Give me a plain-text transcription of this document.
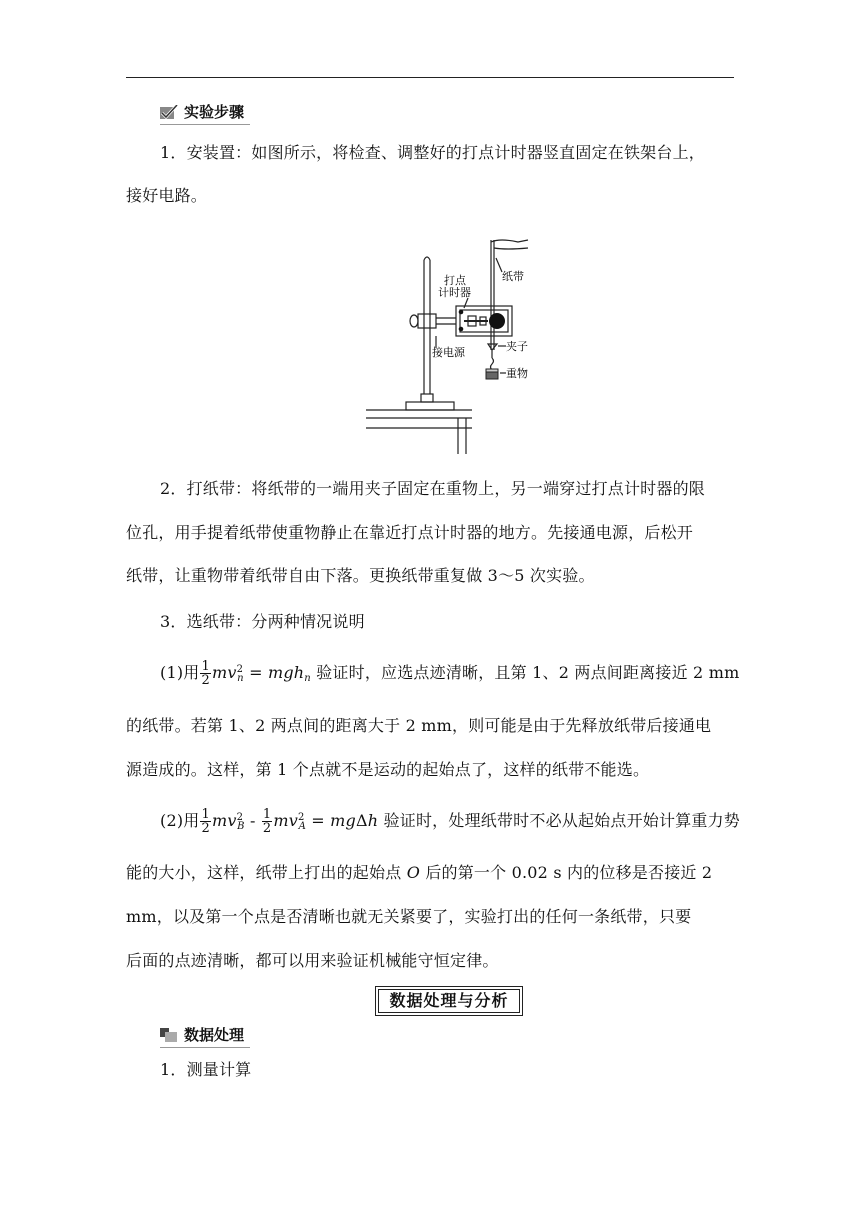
实验步骤
1．安装置：如图所示，将检查、调整好的打点计时器竖直固定在铁架台上，
接好电路。
打点
计时器
纸带
接电源	夹子
重物
2．打纸带：将纸带的一端用夹子固定在重物上，另一端穿过打点计时器的限
位孔，用手提着纸带使重物静止在靠近打点计时器的地方。先接通电源，后松开
纸带，让重物带着纸带自由下落。更换纸带重复做 3～5 次实验。
3．选纸带：分两种情况说明
(1)用 $\frac{1}{2} mv^2_n = mgh_n$ 验证时，应选点迹清晰，且第 1、2 两点间距离接近 2 mm
的纸带。若第 1、2 两点间的距离大于 2 mm，则可能是由于先释放纸带后接通电
源造成的。这样，第 1 个点就不是运动的起始点了，这样的纸带不能选。
(2)用 $\frac{1}{2} mv^2_B - \frac{1}{2} mv^2_A = mg\Delta h$ 验证时，处理纸带时不必从起始点开始计算重力势
能的大小，这样，纸带上打出的起始点 O 后的第一个 0.02 s 内的位移是否接近 2
mm，以及第一个点是否清晰也就无关紧要了，实验打出的任何一条纸带，只要
后面的点迹清晰，都可以用来验证机械能守恒定律。
数据处理与分析
数据处理
1．测量计算
